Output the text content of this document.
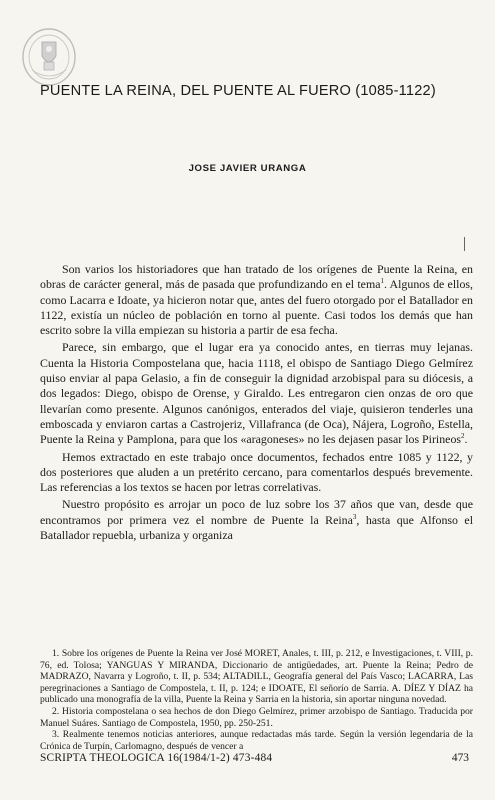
PUENTE LA REINA, DEL PUENTE AL FUERO (1085-1122)
JOSE JAVIER URANGA

Son varios los historiadores que han tratado de los orígenes de Puente la Reina, en obras de carácter general, más de pasada que profundizando en el tema$^1$. Algunos de ellos, como Lacarra e Idoate, ya hicieron notar que, antes del fuero otorgado por el Batallador en 1122, existía un núcleo de población en torno al puente. Casi todos los demás que han escrito sobre la villa empiezan su historia a partir de esa fecha.

Parece, sin embargo, que el lugar era ya conocido antes, en tierras muy lejanas. Cuenta la Historia Compostelana que, hacia 1118, el obispo de Santiago Diego Gelmírez quiso enviar al papa Gelasio, a fin de conseguir la dignidad arzobispal para su diócesis, a dos legados: Diego, obispo de Orense, y Giraldo. Les entregaron cien onzas de oro que llevarían como presente. Algunos canónigos, enterados del viaje, quisieron tenderles una emboscada y enviaron cartas a Castrojeriz, Villafranca (de Oca), Nájera, Logroño, Estella, Puente la Reina y Pamplona, para que los «aragoneses» no les dejasen pasar los Pirineos$^2$.

Hemos extractado en este trabajo once documentos, fechados entre 1085 y 1122, y dos posteriores que aluden a un pretérito cercano, para comentarlos después brevemente. Las referencias a los textos se hacen por letras correlativas.

Nuestro propósito es arrojar un poco de luz sobre los 37 años que van, desde que encontramos por primera vez el nombre de Puente la Reina$^3$, hasta que Alfonso el Batallador repuebla, urbaniza y organiza

1. Sobre los orígenes de Puente la Reina ver José MORET, Anales, t. III, p. 212, e Investigaciones, t. VIII, p. 76, ed. Tolosa; YANGUAS Y MIRANDA, Diccionario de antigüedades, art. Puente la Reina; Pedro de MADRAZO, Navarra y Logroño, t. II, p. 534; ALTADILL, Geografía general del País Vasco; LACARRA, Las peregrinaciones a Santiago de Compostela, t. II, p. 124; e IDOATE, El señorío de Sarria. A. DÍEZ Y DÍAZ ha publicado una monografía de la villa, Puente la Reina y Sarria en la historia, sin aportar ninguna novedad.

2. Historia compostelana o sea hechos de don Diego Gelmírez, primer arzobispo de Santiago. Traducida por Manuel Suáres. Santiago de Compostela, 1950, pp. 250-251.

3. Realmente tenemos noticias anteriores, aunque redactadas más tarde. Según la versión legendaria de la Crónica de Turpín, Carlomagno, después de vencer a

SCRIPTA THEOLOGICA 16(1984/1-2) 473-484	473
